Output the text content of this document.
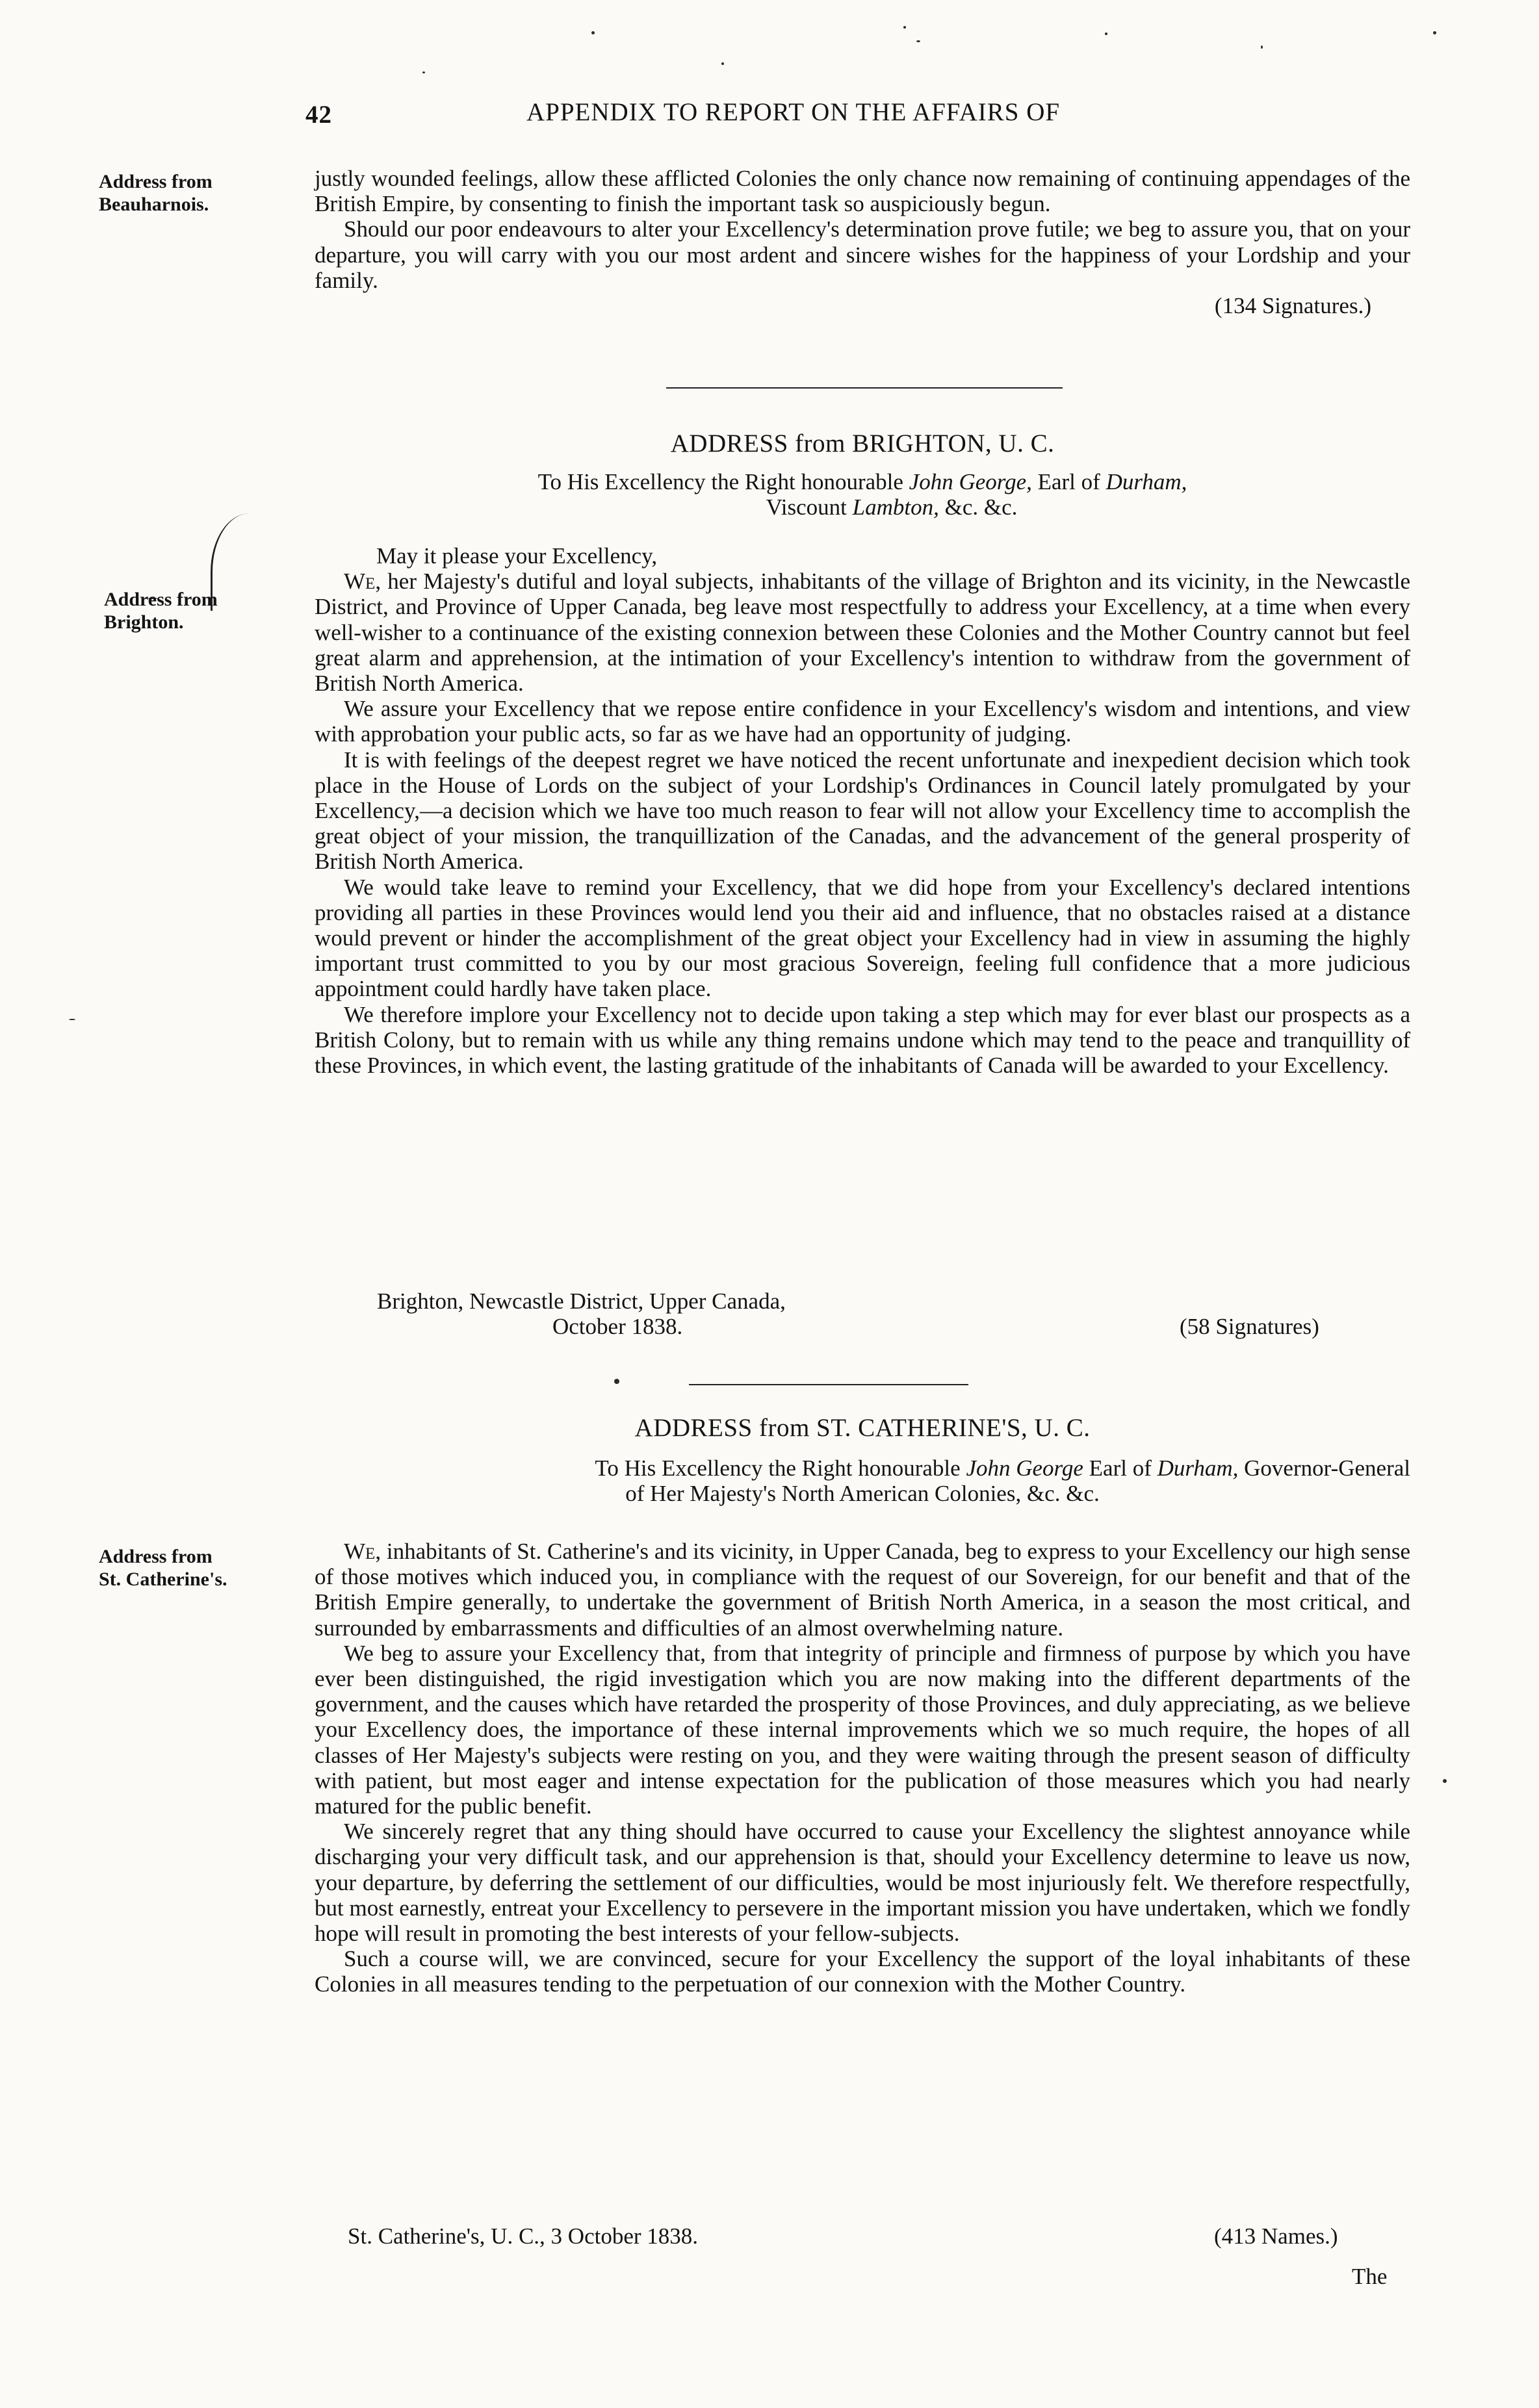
42	APPENDIX TO REPORT ON THE AFFAIRS OF
Address from
Beauharnois.
Address from
Brighton.
Address from
St. Catherine's.

justly wounded feelings, allow these afflicted Colonies the only chance now remaining of continuing appendages of the British Empire, by consenting to finish the important task so auspiciously begun.

Should our poor endeavours to alter your Excellency's determination prove futile; we beg to assure you, that on your departure, you will carry with you our most ardent and sincere wishes for the happiness of your Lordship and your family.

(134 Signatures.)

ADDRESS from BRIGHTON, U. C.
To His Excellency the Right honourable John George, Earl of Durham,
Viscount Lambton, &c. &c.

May it please your Excellency,

We, her Majesty's dutiful and loyal subjects, inhabitants of the village of Brighton and its vicinity, in the Newcastle District, and Province of Upper Canada, beg leave most respectfully to address your Excellency, at a time when every well-wisher to a continuance of the existing connexion between these Colonies and the Mother Country cannot but feel great alarm and apprehension, at the intimation of your Excellency's intention to withdraw from the government of British North America.

We assure your Excellency that we repose entire confidence in your Excellency's wisdom and intentions, and view with approbation your public acts, so far as we have had an opportunity of judging.

It is with feelings of the deepest regret we have noticed the recent unfortunate and inexpedient decision which took place in the House of Lords on the subject of your Lordship's Ordinances in Council lately promulgated by your Excellency,—a decision which we have too much reason to fear will not allow your Excellency time to accomplish the great object of your mission, the tranquillization of the Canadas, and the advancement of the general prosperity of British North America.

We would take leave to remind your Excellency, that we did hope from your Excellency's declared intentions providing all parties in these Provinces would lend you their aid and influence, that no obstacles raised at a distance would prevent or hinder the accomplishment of the great object your Excellency had in view in assuming the highly important trust committed to you by our most gracious Sovereign, feeling full confidence that a more judicious appointment could hardly have taken place.

We therefore implore your Excellency not to decide upon taking a step which may for ever blast our prospects as a British Colony, but to remain with us while any thing remains undone which may tend to the peace and tranquillity of these Provinces, in which event, the lasting gratitude of the inhabitants of Canada will be awarded to your Excellency.

Brighton, Newcastle District, Upper Canada,
October 1838.	(58 Signatures)
ADDRESS from ST. CATHERINE'S, U. C.
To His Excellency the Right honourable John George Earl of Durham, Governor-General
of Her Majesty's North American Colonies, &c. &c.

We, inhabitants of St. Catherine's and its vicinity, in Upper Canada, beg to express to your Excellency our high sense of those motives which induced you, in compliance with the request of our Sovereign, for our benefit and that of the British Empire generally, to undertake the government of British North America, in a season the most critical, and surrounded by embarrassments and difficulties of an almost overwhelming nature.

We beg to assure your Excellency that, from that integrity of principle and firmness of purpose by which you have ever been distinguished, the rigid investigation which you are now making into the different departments of the government, and the causes which have retarded the prosperity of those Provinces, and duly appreciating, as we believe your Excellency does, the importance of these internal improvements which we so much require, the hopes of all classes of Her Majesty's subjects were resting on you, and they were waiting through the present season of difficulty with patient, but most eager and intense expectation for the publication of those measures which you had nearly matured for the public benefit.

We sincerely regret that any thing should have occurred to cause your Excellency the slightest annoyance while discharging your very difficult task, and our apprehension is that, should your Excellency determine to leave us now, your departure, by deferring the settlement of our difficulties, would be most injuriously felt. We therefore respectfully, but most earnestly, entreat your Excellency to persevere in the important mission you have undertaken, which we fondly hope will result in promoting the best interests of your fellow-subjects.

Such a course will, we are convinced, secure for your Excellency the support of the loyal inhabitants of these Colonies in all measures tending to the perpetuation of our connexion with the Mother Country.

St. Catherine's, U. C., 3 October 1838.	(413 Names.)
The
